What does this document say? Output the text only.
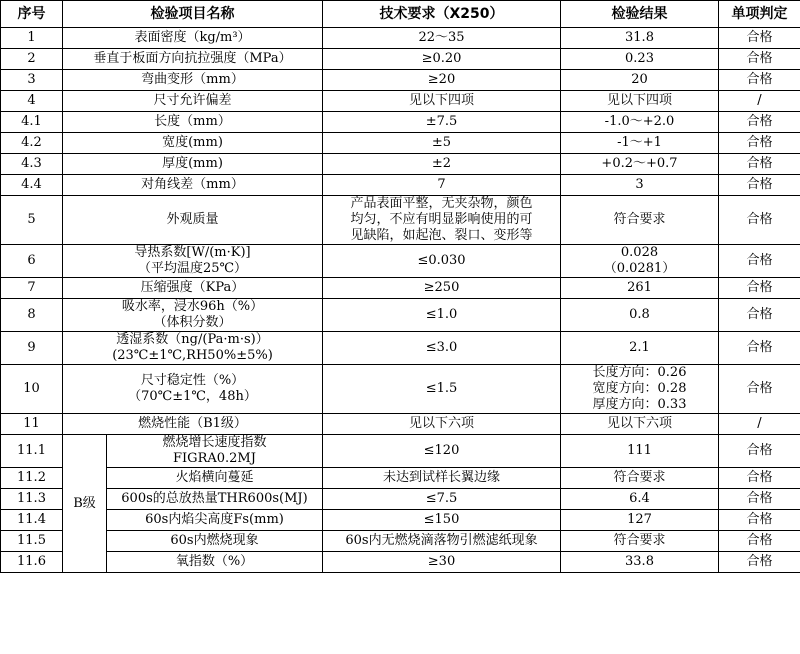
序号	检验项目名称		技术要求（X250）	检验结果	单项判定
1	表面密度（kg/m³）		22～35	31.8	合格
2	垂直于板面方向抗拉强度（MPa）		≥0.20	0.23	合格
3	弯曲变形（mm）		≥20	20	合格
4	尺寸允许偏差		见以下四项	见以下四项	/
4.1	长度（mm）		±7.5	-1.0～+2.0	合格
4.2	宽度(mm)		±5	-1～+1	合格
4.3	厚度(mm)		±2	+0.2～+0.7	合格
4.4	对角线差（mm）		7	3	合格
5	外观质量		产品表面平整，无夹杂物，颜色
均匀，不应有明显影响使用的可
见缺陷，如起泡、裂口、变形等	符合要求	合格
6	导热系数[W/(m·K)]
（平均温度25℃）		≤0.030	0.028
（0.0281）	合格
7	压缩强度（KPa）		≥250	261	合格
8	吸水率，浸水96h（%）
（体积分数）		≤1.0	0.8	合格
9	透湿系数（ng/(Pa·m·s)）
(23℃±1℃,RH50%±5%)		≤3.0	2.1	合格
10	尺寸稳定性（%）
（70℃±1℃，48h）		≤1.5	长度方向：0.26
宽度方向：0.28
厚度方向：0.33	合格
11	燃烧性能（B1级）		见以下六项	见以下六项	/
11.1	B级	燃烧增长速度指数
FIGRA0.2MJ	≤120	111	合格
11.2		火焰横向蔓延	未达到试样长翼边缘	符合要求	合格
11.3		600s的总放热量THR600s(MJ)	≤7.5	6.4	合格
11.4		60s内焰尖高度Fs(mm)	≤150	127	合格
11.5		60s内燃烧现象	60s内无燃烧滴落物引燃滤纸现象	符合要求	合格
11.6		氧指数（%）	≥30	33.8	合格
